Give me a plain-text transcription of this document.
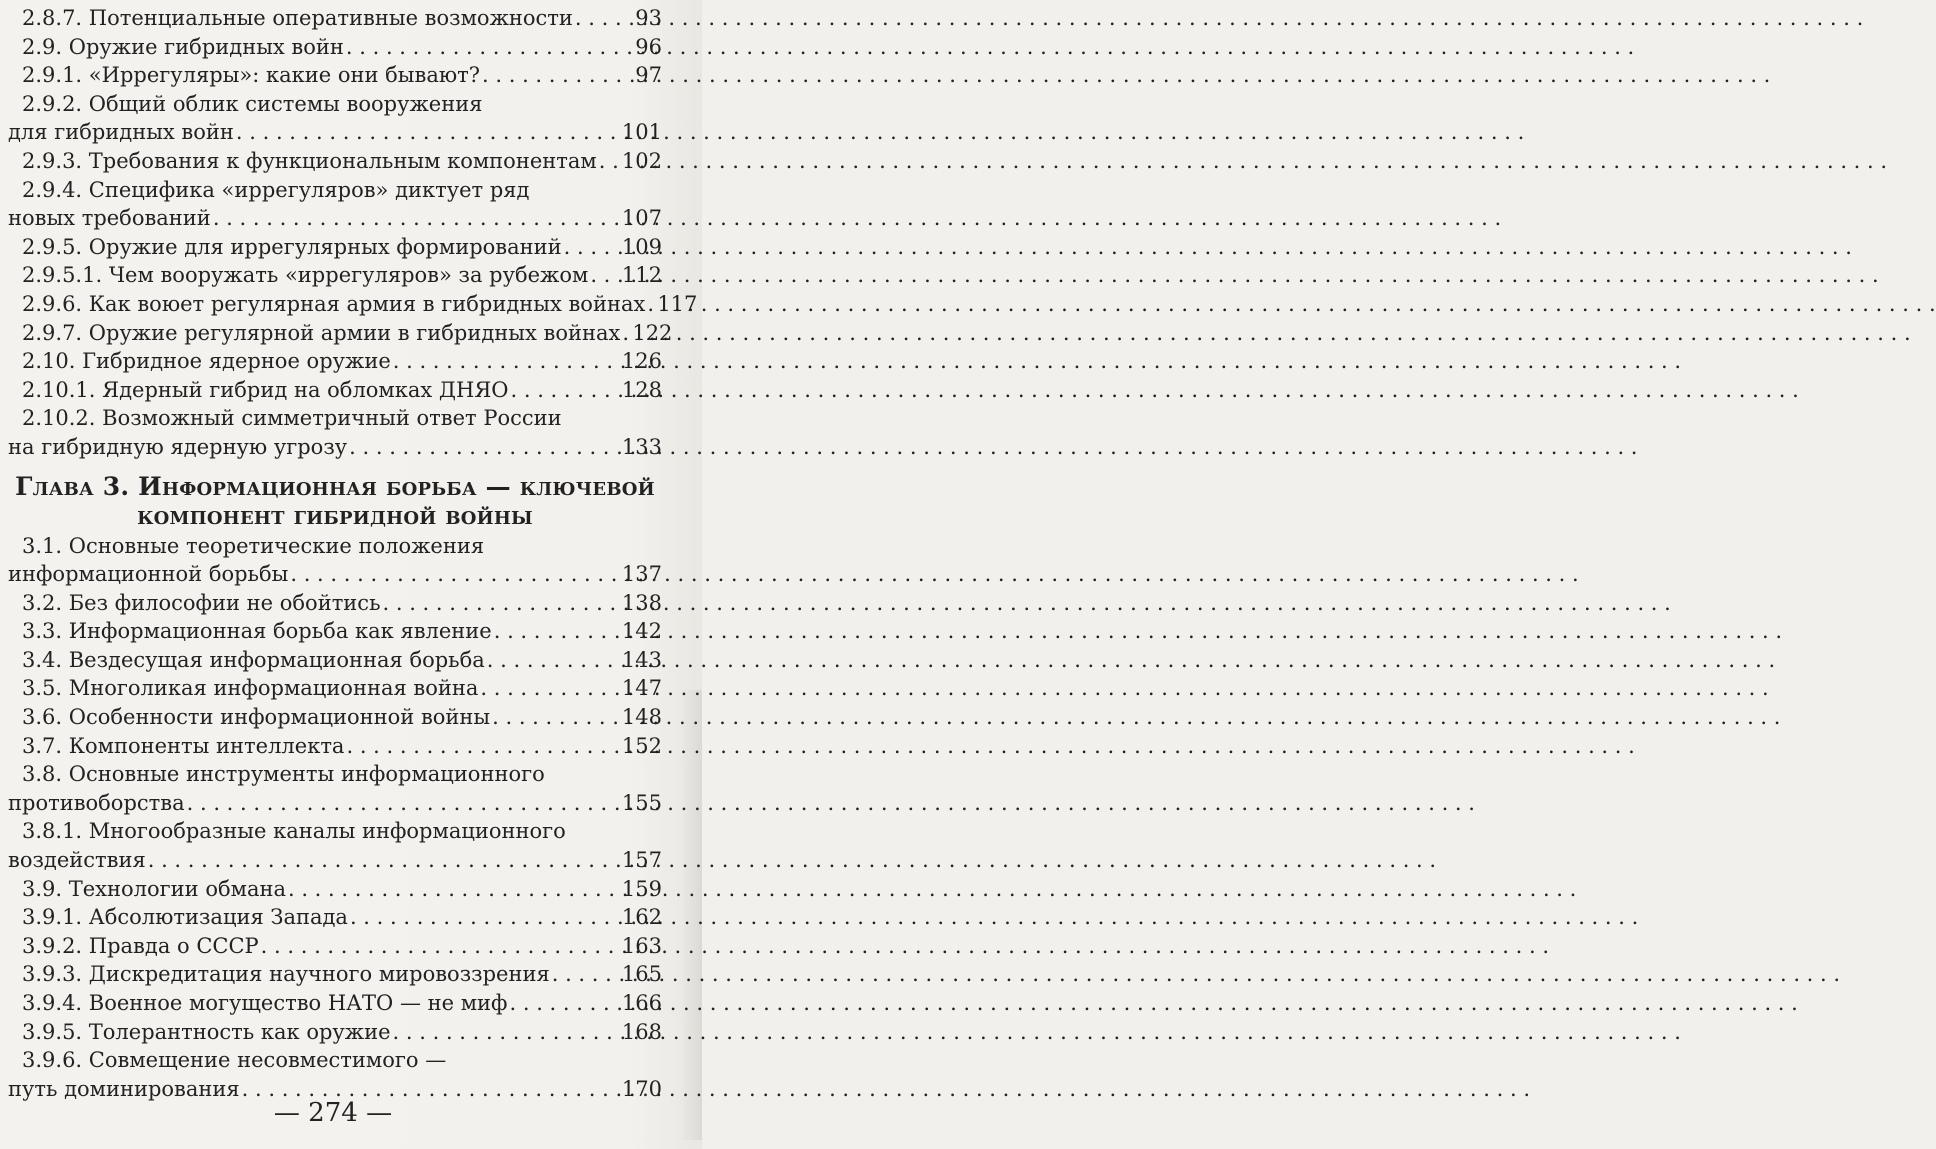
2.8.7. Потенциальные оперативные возможности . . .	93
2.9. Оружие гибридных войн . . .	96
2.9.1. «Иррегуляры»: какие они бывают? . . .	97
2.9.2. Общий облик системы вооружения
для гибридных войн . . .	101
2.9.3. Требования к функциональным компонентам . . . 102
2.9.4. Специфика «иррегуляров» диктует ряд
новых требований . . .	107
2.9.5. Оружие для иррегулярных формирований . . .	109
2.9.5.1. Чем вооружать «иррегуляров» за рубежом . . . 112
2.9.6. Как воюет регулярная армия в гибридных войнах . . . 117
2.9.7. Оружие регулярной армии в гибридных войнах . . . 122
2.10. Гибридное ядерное оружие . . .	126
2.10.1. Ядерный гибрид на обломках ДНЯО . . .	128
2.10.2. Возможный симметричный ответ России
на гибридную ядерную угрозу . . .	133
Глава 3. Информационная борьба — ключевой
компонент гибридной войны
3.1. Основные теоретические положения
информационной борьбы . . .	137
3.2. Без философии не обойтись . . .	138
3.3. Информационная борьба как явление . . .	142
3.4. Вездесущая информационная борьба . . .	143
3.5. Многоликая информационная война . . .	147
3.6. Особенности информационной войны . . .	148
3.7. Компоненты интеллекта . . .	152
3.8. Основные инструменты информационного
противоборства . . .	155
3.8.1. Многообразные каналы информационного
воздействия . . .	157
3.9. Технологии обмана . . .	159
3.9.1. Абсолютизация Запада . . .	162
3.9.2. Правда о СССР . . .	163
3.9.3. Дискредитация научного мировоззрения . . .	165
3.9.4. Военное могущество НАТО — не миф . . .	166
3.9.5. Толерантность как оружие . . .	168
3.9.6. Совмещение несовместимого —
путь доминирования . . .	170
— 274 —
